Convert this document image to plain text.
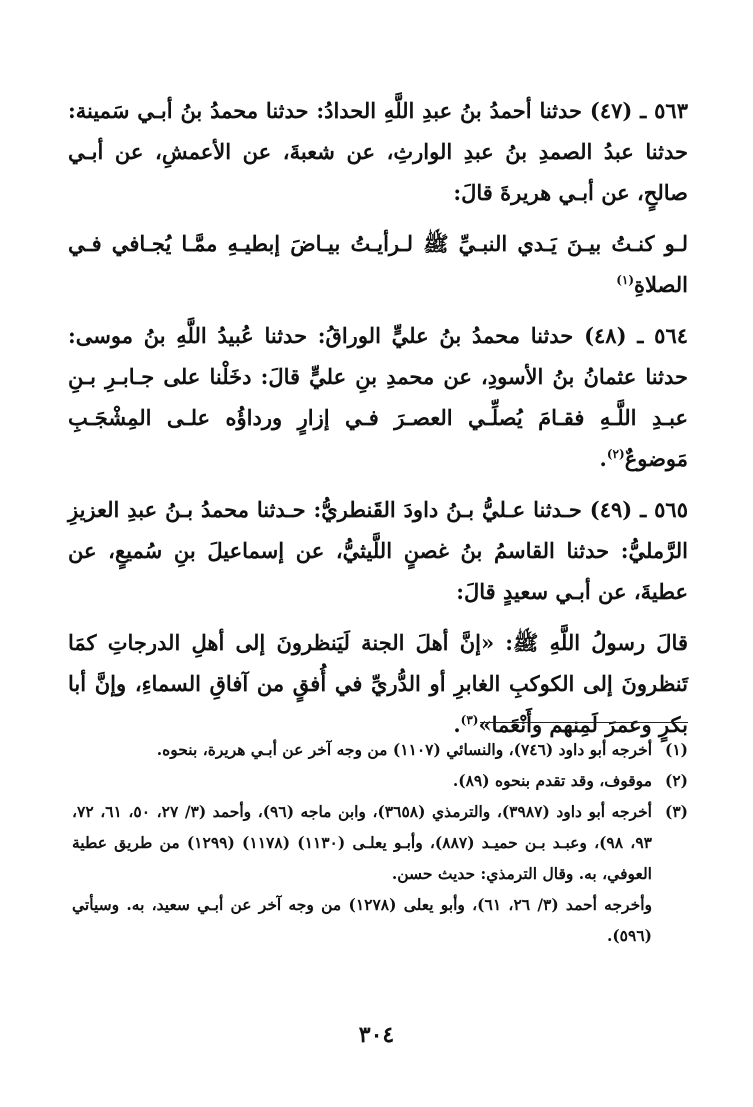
٥٦٣ ـ (٤٧) حدثنا أحمدُ بنُ عبدِ اللَّهِ الحدادُ: حدثنا محمدُ بنُ أبـي سَمينة: حدثنا عبدُ الصمدِ بنُ عبدِ الوارثِ، عن شعبةَ، عن الأعمشِ، عن أبـي صالحٍ، عن أبـي هريرةَ قالَ:

لـو كنـتُ بيـنَ يَـدي النبـيِّ ﷺ لـرأيـتُ بيـاضَ إبطيـهِ ممَّـا يُجـافي فـي الصلاةِ$^{(١)}$

٥٦٤ ـ (٤٨) حدثنا محمدُ بنُ عليٍّ الوراقُ: حدثنا عُبيدُ اللَّهِ بنُ موسى: حدثنا عثمانُ بنُ الأسودِ، عن محمدِ بنِ عليٍّ قالَ: دخَلْنا على جـابـرِ بـنِ عبـدِ اللَّـهِ فقـامَ يُصلِّـي العصـرَ فـي إزارٍ ورداؤُه علـى المِشْجَـبِ مَوضوعٌ$^{(٢)}$.

٥٦٥ ـ (٤٩) حـدثنا عـليُّ بـنُ داودَ القَنطريُّ: حـدثنا محمدُ بـنُ عبدِ العزيزِ الرَّمليُّ: حدثنا القاسمُ بنُ غصنٍ اللَّيثيُّ، عن إسماعيلَ بنِ سُميعٍ، عن عطيةَ، عن أبـي سعيدٍ قالَ:

قالَ رسولُ اللَّهِ ﷺ: «إنَّ أهلَ الجنة لَيَنظرونَ إلى أهلِ الدرجاتِ كمَا تَنظرونَ إلى الكوكبِ الغابرِ أو الدُّريِّ في أُفقٍ من آفاقِ السماءِ، وإنَّ أبا بكرٍ وعمرَ لَمِنهم وأَنْعَما»$^{(٣)}$.

(١)

أخرجه أبو داود (٧٤٦)، والنسائي (١١٠٧) من وجه آخر عن أبـي هريرة، بنحوه.

(٢)

موقوف، وقد تقدم بنحوه (٨٩).

(٣)

أخرجه أبو داود (٣٩٨٧)، والترمذي (٣٦٥٨)، وابن ماجه (٩٦)، وأحمد (٣/ ٢٧، ٥٠، ٦١، ٧٢، ٩٣، ٩٨)، وعبـد بـن حميـد (٨٨٧)، وأبـو يعلـى (١١٣٠) (١١٧٨) (١٢٩٩) من طريق عطية العوفي، به. وقال الترمذي: حديث حسن.

وأخرجه أحمد (٣/ ٢٦، ٦١)، وأبو يعلى (١٢٧٨) من وجه آخر عن أبـي سعيد، به. وسيأتي (٥٩٦).

٣٠٤
